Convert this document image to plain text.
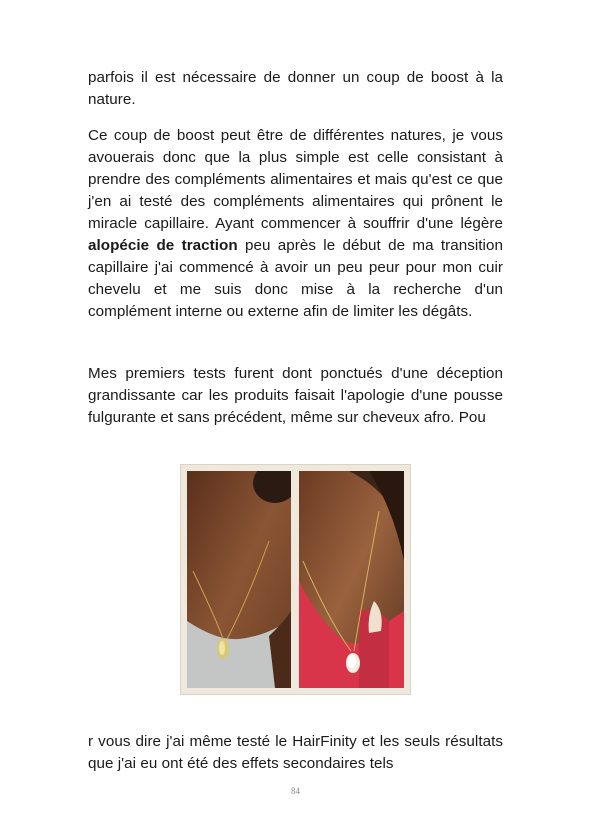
parfois il est nécessaire de donner un coup de boost à la nature.

Ce coup de boost peut être de différentes natures, je vous avouerais donc que la plus simple est celle consistant à prendre des compléments alimentaires et mais qu'est ce que j'en ai testé des compléments alimentaires qui prônent le miracle capillaire. Ayant commencer à souffrir d'une légère alopécie de traction peu après le début de ma transition capillaire j'ai commencé à avoir un peu peur pour mon cuir chevelu et me suis donc mise à la recherche d'un complément interne ou externe afin de limiter les dégâts.

Mes premiers tests furent dont ponctués d'une déception grandissante car les produits faisait l'apologie d'une pousse fulgurante et sans précédent, même sur cheveux afro. Pou

r vous dire j'ai même testé le HairFinity et les seuls résultats que j'ai eu ont été des effets secondaires tels

84
